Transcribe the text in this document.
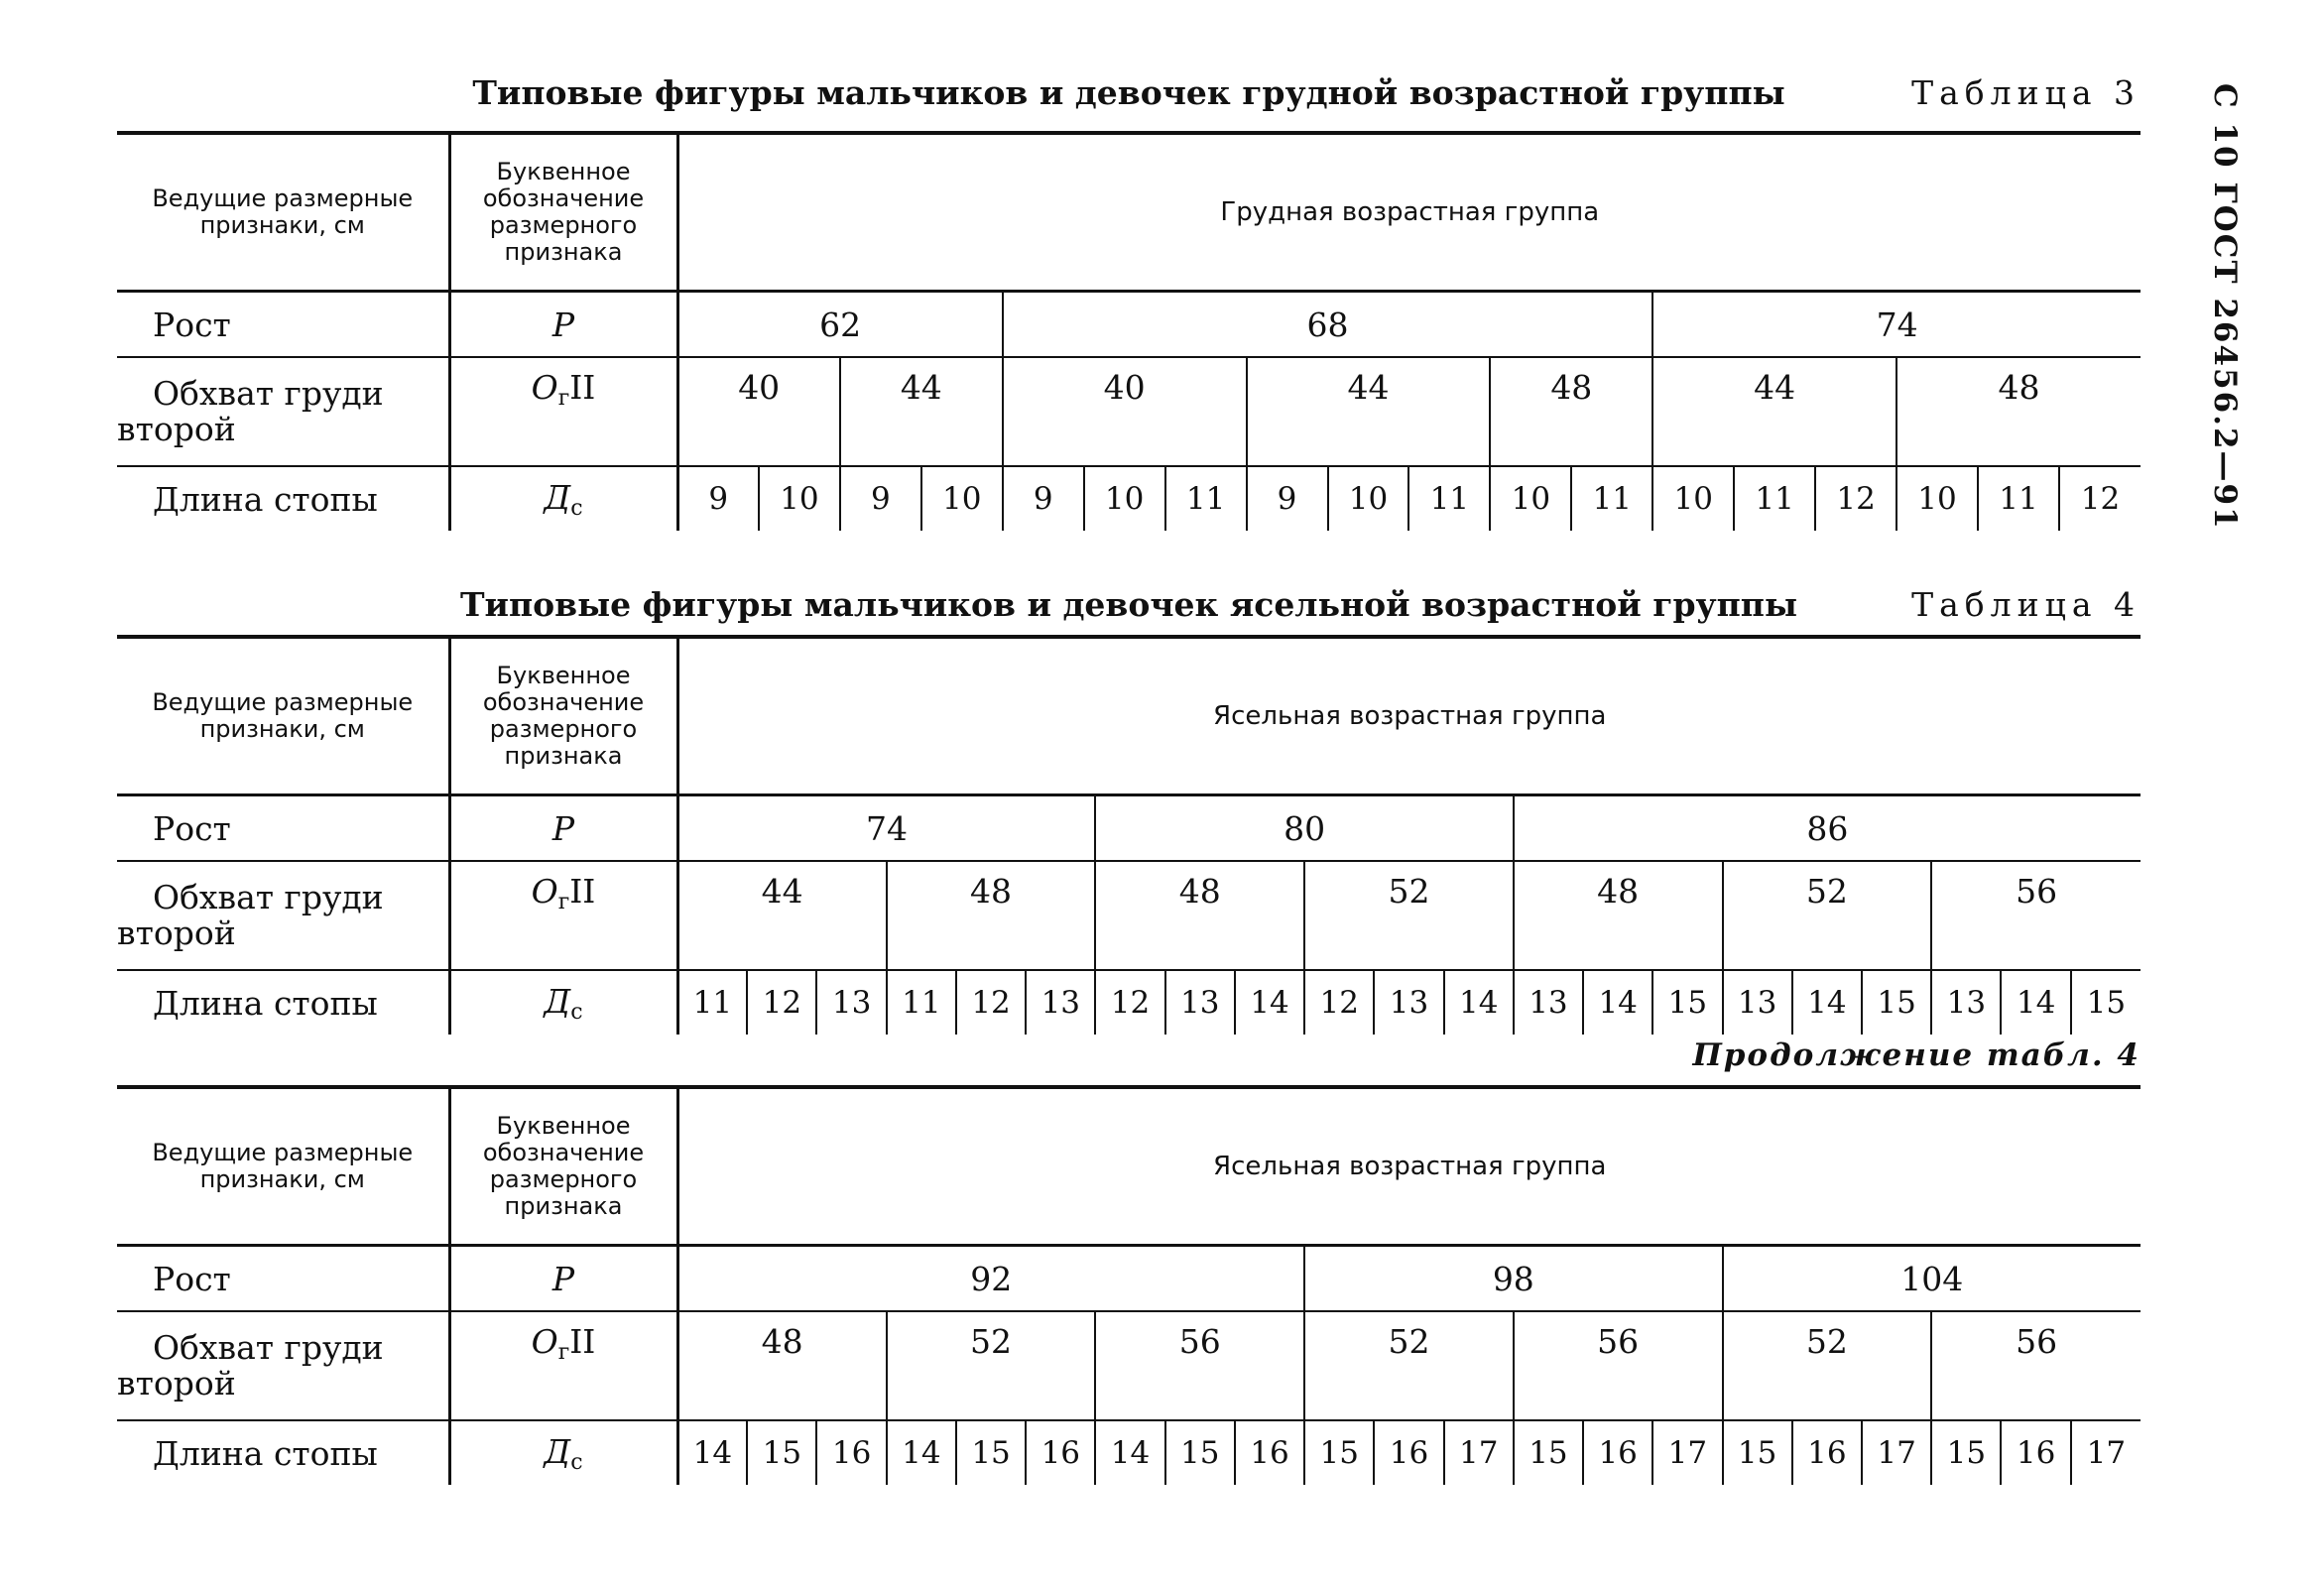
С 10 ГОСТ 26456.2—91
Типовые фигуры мальчиков и девочек грудной возрастной группы	Таблица 3
Ведущие размерные признаки, см	Буквенное обозначение размерного признака	Грудная возрастная группа																	
Рост	Р	62				68								74					

Обхват груди
второй	$О_гII$	40		44		40			44			48		44			48		
Длина стопы	$Д_с$	9	10	9	10	9	10	11	9	10	11	10	11	10	11	12	10	11	12
Типовые фигуры мальчиков и девочек ясельной возрастной группы	Таблица 4
Ведущие размерные признаки, см	Буквенное обозначение размерного признака	Ясельная возрастная группа																				
Рост	Р	74						80						86								

Обхват груди
второй	$О_гII$	44			48			48			52			48			52			56		
Длина стопы	$Д_с$	11	12	13	11	12	13	12	13	14	12	13	14	13	14	15	13	14	15	13	14	15
Продолжение табл. 4
Ведущие размерные признаки, см	Буквенное обозначение размерного признака	Ясельная возрастная группа																				
Рост	Р	92									98						104					

Обхват груди
второй	$О_гII$	48			52			56			52			56			52			56		
Длина стопы	$Д_с$	14	15	16	14	15	16	14	15	16	15	16	17	15	16	17	15	16	17	15	16	17
